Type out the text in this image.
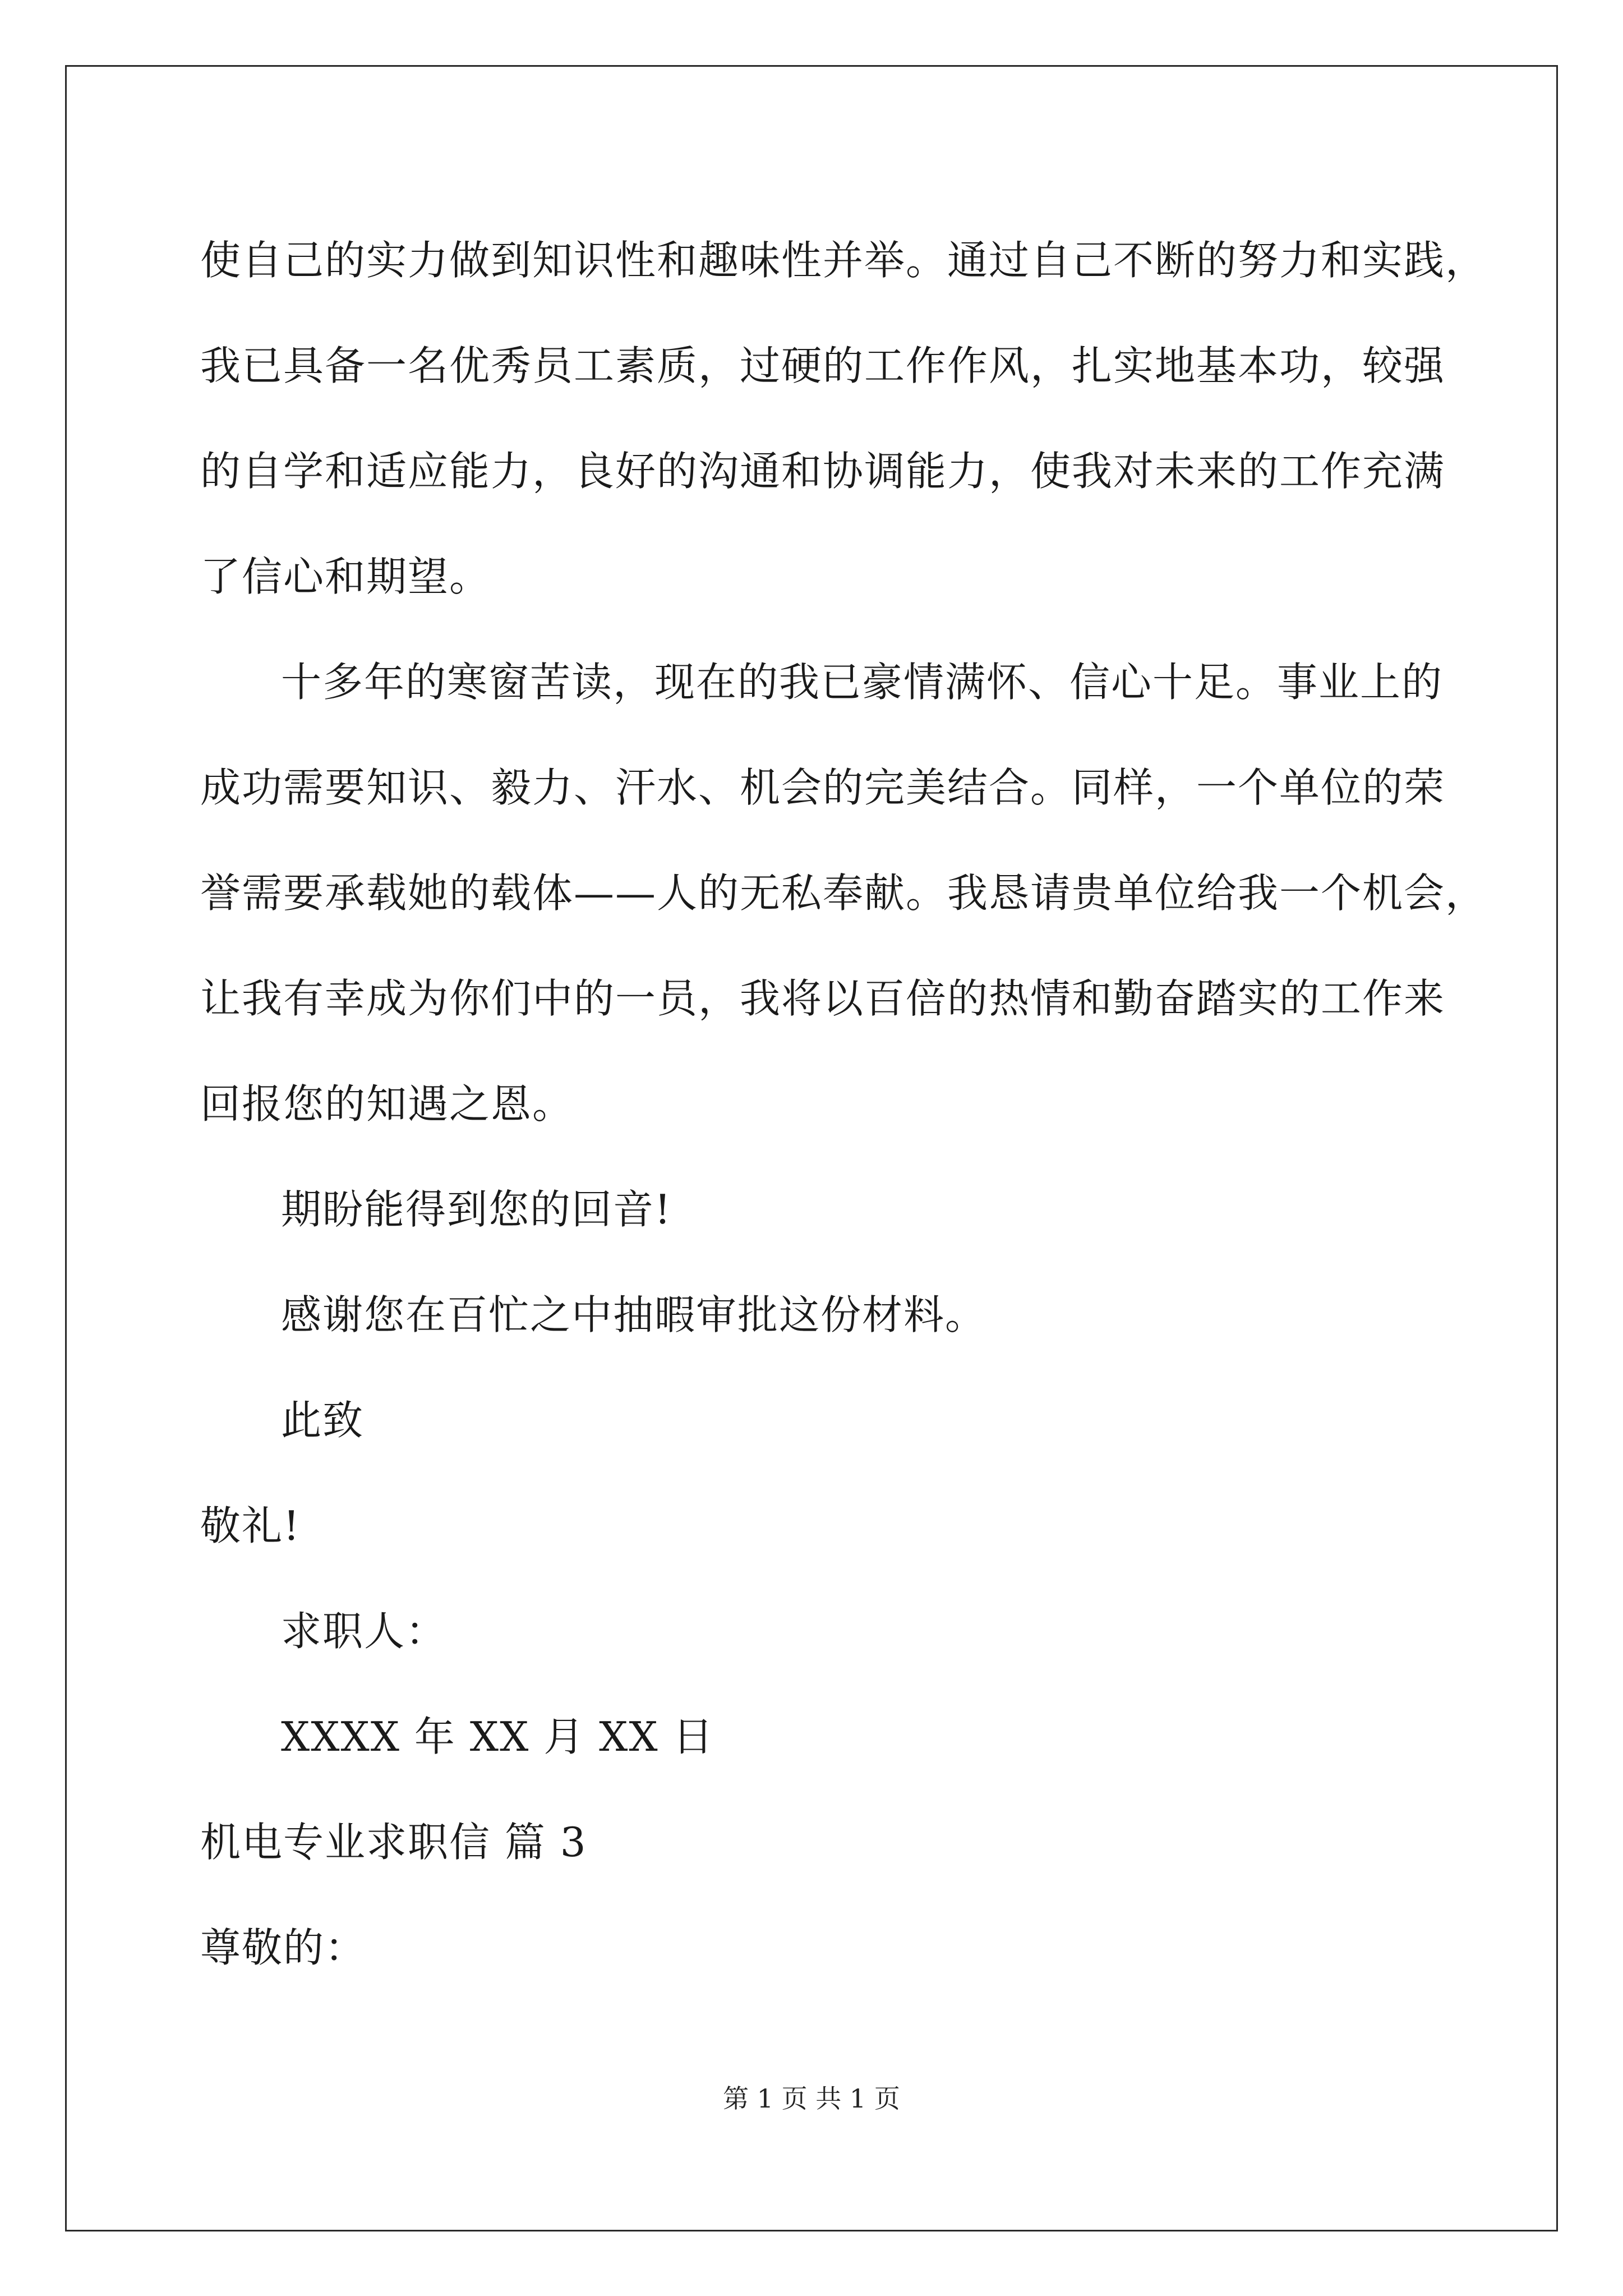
使自己的实力做到知识性和趣味性并举。通过自己不断的努力和实践，

我已具备一名优秀员工素质，过硬的工作作风，扎实地基本功，较强

的自学和适应能力，良好的沟通和协调能力，使我对未来的工作充满

了信心和期望。

十多年的寒窗苦读，现在的我已豪情满怀、信心十足。事业上的

成功需要知识、毅力、汗水、机会的完美结合。同样，一个单位的荣

誉需要承载她的载体——人的无私奉献。我恳请贵单位给我一个机会，

让我有幸成为你们中的一员，我将以百倍的热情和勤奋踏实的工作来

回报您的知遇之恩。

期盼能得到您的回音!

感谢您在百忙之中抽暇审批这份材料。

此致

敬礼!

求职人：

XXXX 年 XX 月 XX 日

机电专业求职信 篇 3

尊敬的：

第 1 页 共 1 页
